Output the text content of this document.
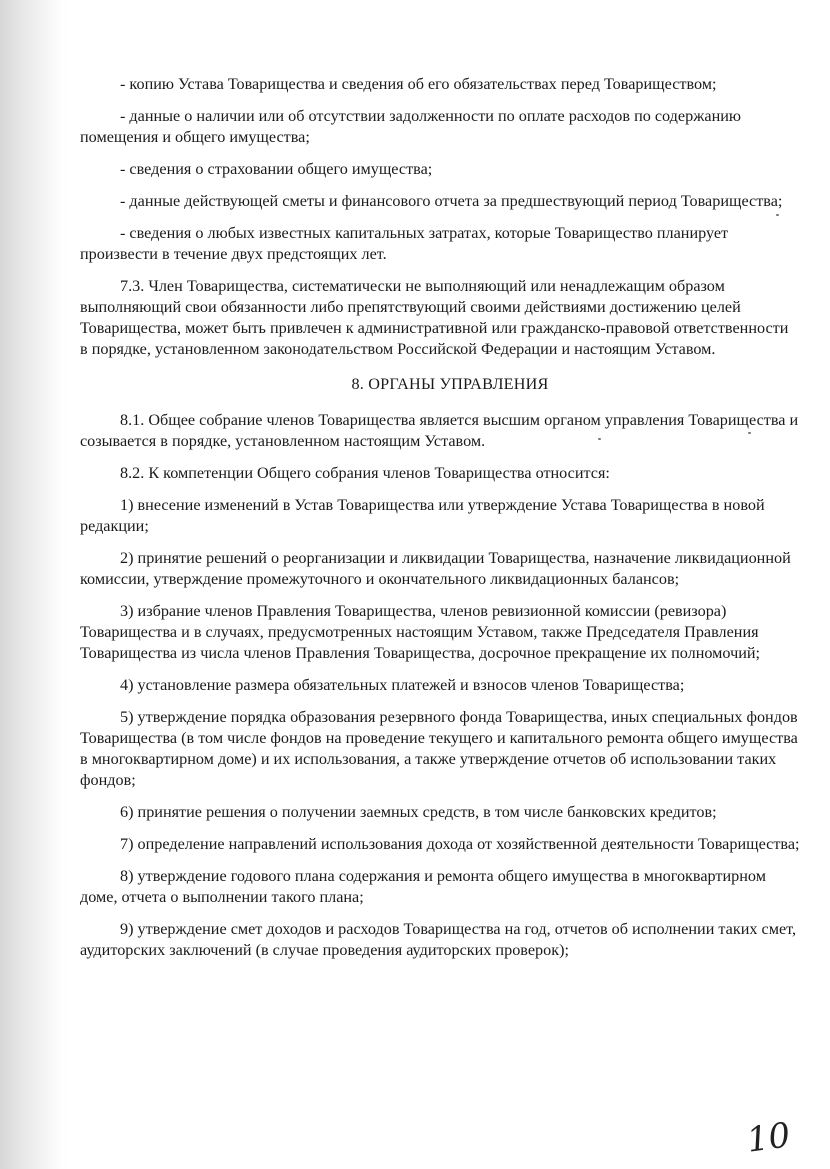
- копию Устава Товарищества и сведения об его обязательствах перед Товариществом;

- данные о наличии или об отсутствии задолженности по оплате расходов по содержанию помещения и общего имущества;

- сведения о страховании общего имущества;

- данные действующей сметы и финансового отчета за предшествующий период Товарищества;

- сведения о любых известных капитальных затратах, которые Товарищество планирует произвести в течение двух предстоящих лет.

7.3. Член Товарищества, систематически не выполняющий или ненадлежащим образом выполняющий свои обязанности либо препятствующий своими действиями достижению целей Товарищества, может быть привлечен к административной или гражданско-правовой ответственности в порядке, установленном законодательством Российской Федерации и настоящим Уставом.

8. ОРГАНЫ УПРАВЛЕНИЯ

8.1. Общее собрание членов Товарищества является высшим органом управления Товарищества и созывается в порядке, установленном настоящим Уставом.

8.2. К компетенции Общего собрания членов Товарищества относится:

1) внесение изменений в Устав Товарищества или утверждение Устава Товарищества в новой редакции;

2) принятие решений о реорганизации и ликвидации Товарищества, назначение ликвидационной комиссии, утверждение промежуточного и окончательного ликвидационных балансов;

3) избрание членов Правления Товарищества, членов ревизионной комиссии (ревизора) Товарищества и в случаях, предусмотренных настоящим Уставом, также Председателя Правления Товарищества из числа членов Правления Товарищества, досрочное прекращение их полномочий;

4) установление размера обязательных платежей и взносов членов Товарищества;

5) утверждение порядка образования резервного фонда Товарищества, иных специальных фондов Товарищества (в том числе фондов на проведение текущего и капитального ремонта общего имущества в многоквартирном доме) и их использования, а также утверждение отчетов об использовании таких фондов;

6) принятие решения о получении заемных средств, в том числе банковских кредитов;

7) определение направлений использования дохода от хозяйственной деятельности Товарищества;

8) утверждение годового плана содержания и ремонта общего имущества в многоквартирном доме, отчета о выполнении такого плана;

9) утверждение смет доходов и расходов Товарищества на год, отчетов об исполнении таких смет, аудиторских заключений (в случае проведения аудиторских проверок);

10
